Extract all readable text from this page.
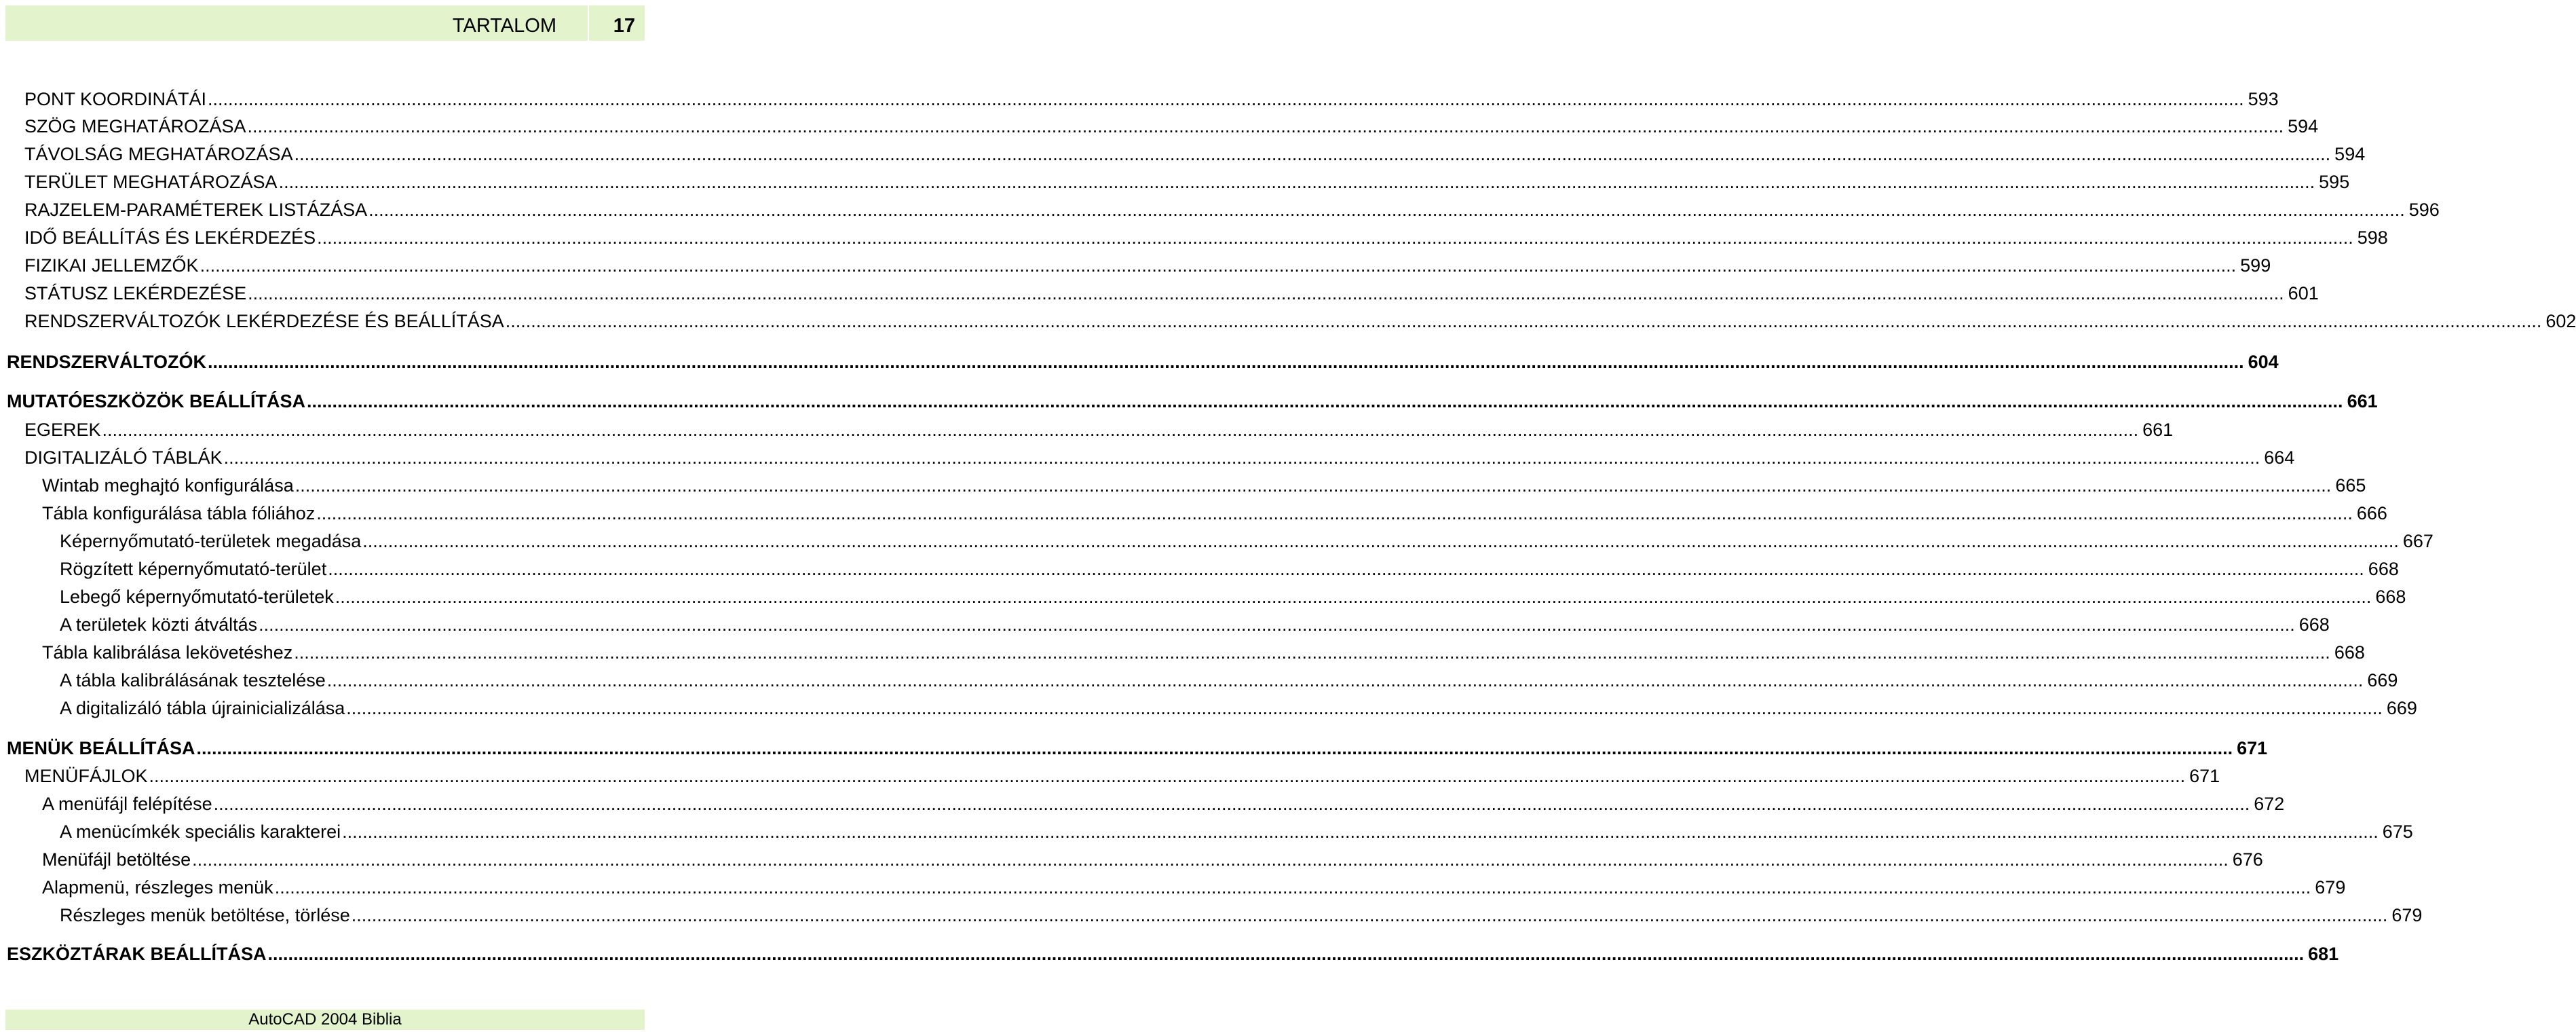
TARTALOM	17
PONT KOORDINÁTÁI ................................................................................................................................................................................................................................................................................................................................................................................................................ 593
SZÖG MEGHATÁROZÁSA ................................................................................................................................................................................................................................................................................................................................................................................................................ 594
TÁVOLSÁG MEGHATÁROZÁSA ................................................................................................................................................................................................................................................................................................................................................................................................................ 594
TERÜLET MEGHATÁROZÁSA ................................................................................................................................................................................................................................................................................................................................................................................................................ 595
RAJZELEM-PARAMÉTEREK LISTÁZÁSA ................................................................................................................................................................................................................................................................................................................................................................................................................ 596
IDŐ BEÁLLÍTÁS ÉS LEKÉRDEZÉS ................................................................................................................................................................................................................................................................................................................................................................................................................ 598
FIZIKAI JELLEMZŐK ................................................................................................................................................................................................................................................................................................................................................................................................................ 599
STÁTUSZ LEKÉRDEZÉSE ................................................................................................................................................................................................................................................................................................................................................................................................................ 601
RENDSZERVÁLTOZÓK LEKÉRDEZÉSE ÉS BEÁLLÍTÁSA ................................................................................................................................................................................................................................................................................................................................................................................................................ 602
RENDSZERVÁLTOZÓK ................................................................................................................................................................................................................................................................................................................................................................................................................ 604
MUTATÓESZKÖZÖK BEÁLLÍTÁSA ................................................................................................................................................................................................................................................................................................................................................................................................................ 661
EGEREK ................................................................................................................................................................................................................................................................................................................................................................................................................ 661
DIGITALIZÁLÓ TÁBLÁK ................................................................................................................................................................................................................................................................................................................................................................................................................ 664
Wintab meghajtó konfigurálása ................................................................................................................................................................................................................................................................................................................................................................................................................ 665
Tábla konfigurálása tábla fóliához ................................................................................................................................................................................................................................................................................................................................................................................................................ 666
Képernyőmutató-területek megadása ................................................................................................................................................................................................................................................................................................................................................................................................................ 667
Rögzített képernyőmutató-terület ................................................................................................................................................................................................................................................................................................................................................................................................................ 668
Lebegő képernyőmutató-területek ................................................................................................................................................................................................................................................................................................................................................................................................................ 668
A területek közti átváltás ................................................................................................................................................................................................................................................................................................................................................................................................................ 668
Tábla kalibrálása lekövetéshez ................................................................................................................................................................................................................................................................................................................................................................................................................ 668
A tábla kalibrálásának tesztelése ................................................................................................................................................................................................................................................................................................................................................................................................................ 669
A digitalizáló tábla újrainicializálása ................................................................................................................................................................................................................................................................................................................................................................................................................ 669
MENÜK BEÁLLÍTÁSA ................................................................................................................................................................................................................................................................................................................................................................................................................ 671
MENÜFÁJLOK ................................................................................................................................................................................................................................................................................................................................................................................................................ 671
A menüfájl felépítése ................................................................................................................................................................................................................................................................................................................................................................................................................ 672
A menücímkék speciális karakterei ................................................................................................................................................................................................................................................................................................................................................................................................................ 675
Menüfájl betöltése ................................................................................................................................................................................................................................................................................................................................................................................................................ 676
Alapmenü, részleges menük ................................................................................................................................................................................................................................................................................................................................................................................................................ 679
Részleges menük betöltése, törlése ................................................................................................................................................................................................................................................................................................................................................................................................................ 679
ESZKÖZTÁRAK BEÁLLÍTÁSA ................................................................................................................................................................................................................................................................................................................................................................................................................ 681
AutoCAD 2004 Biblia
